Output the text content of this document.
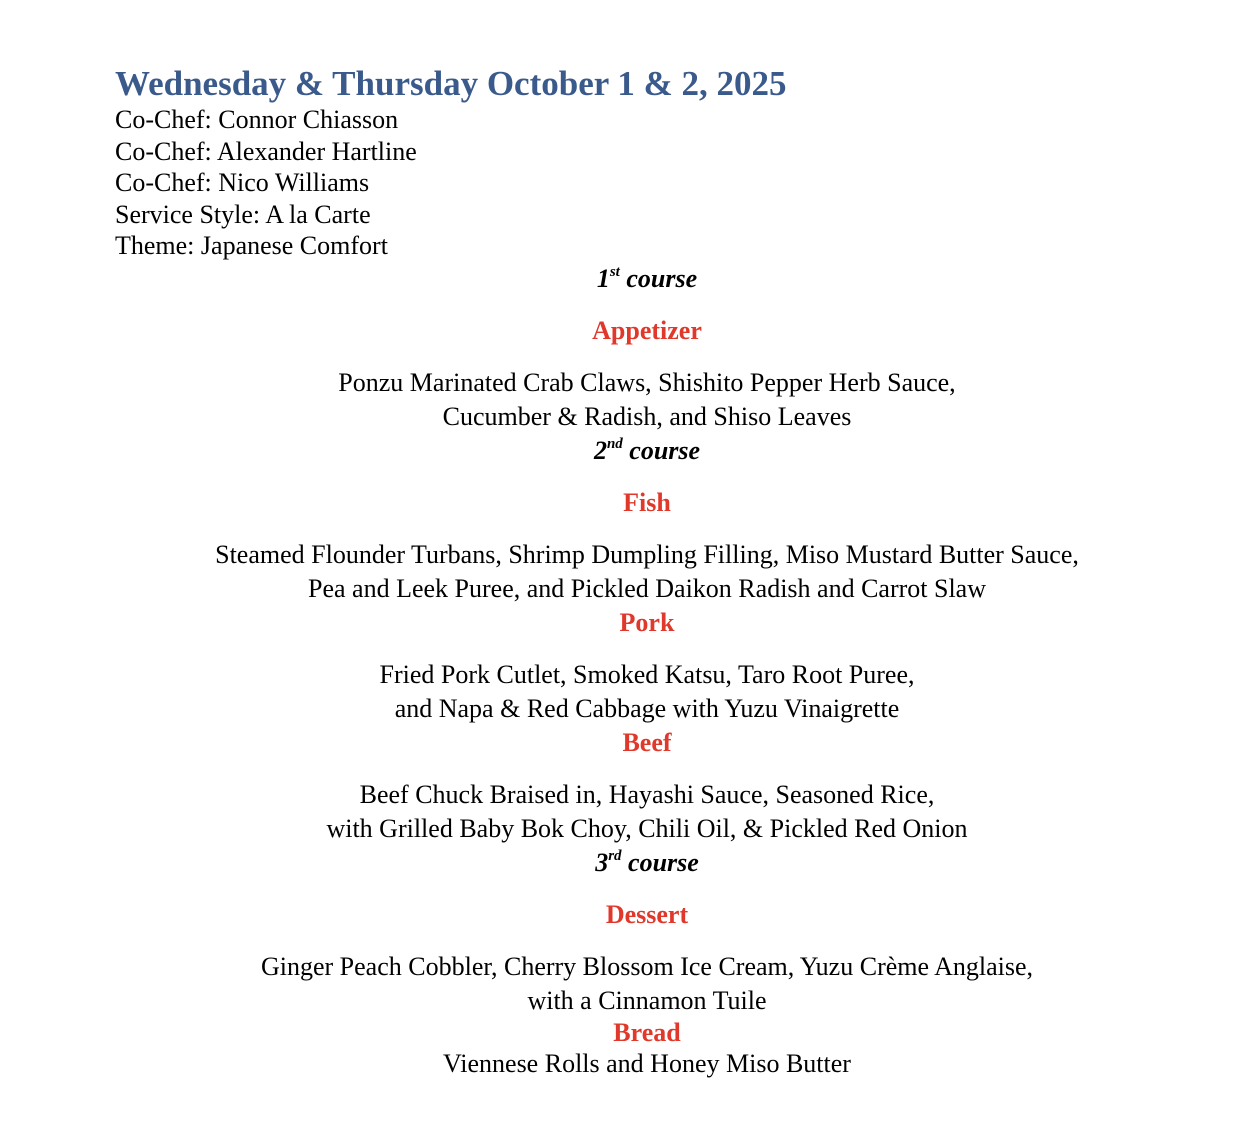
Wednesday & Thursday October 1 & 2, 2025

Co-Chef: Connor Chiasson

Co-Chef: Alexander Hartline

Co-Chef: Nico Williams

Service Style: A la Carte

Theme: Japanese Comfort

1st course

Appetizer

Ponzu Marinated Crab Claws, Shishito Pepper Herb Sauce,

Cucumber & Radish, and Shiso Leaves

2nd course

Fish

Steamed Flounder Turbans, Shrimp Dumpling Filling, Miso Mustard Butter Sauce,

Pea and Leek Puree, and Pickled Daikon Radish and Carrot Slaw

Pork

Fried Pork Cutlet, Smoked Katsu, Taro Root Puree,

and Napa & Red Cabbage with Yuzu Vinaigrette

Beef

Beef Chuck Braised in, Hayashi Sauce, Seasoned Rice,

with Grilled Baby Bok Choy, Chili Oil, & Pickled Red Onion

3rd course

Dessert

Ginger Peach Cobbler, Cherry Blossom Ice Cream, Yuzu Crème Anglaise,

with a Cinnamon Tuile

Bread

Viennese Rolls and Honey Miso Butter
